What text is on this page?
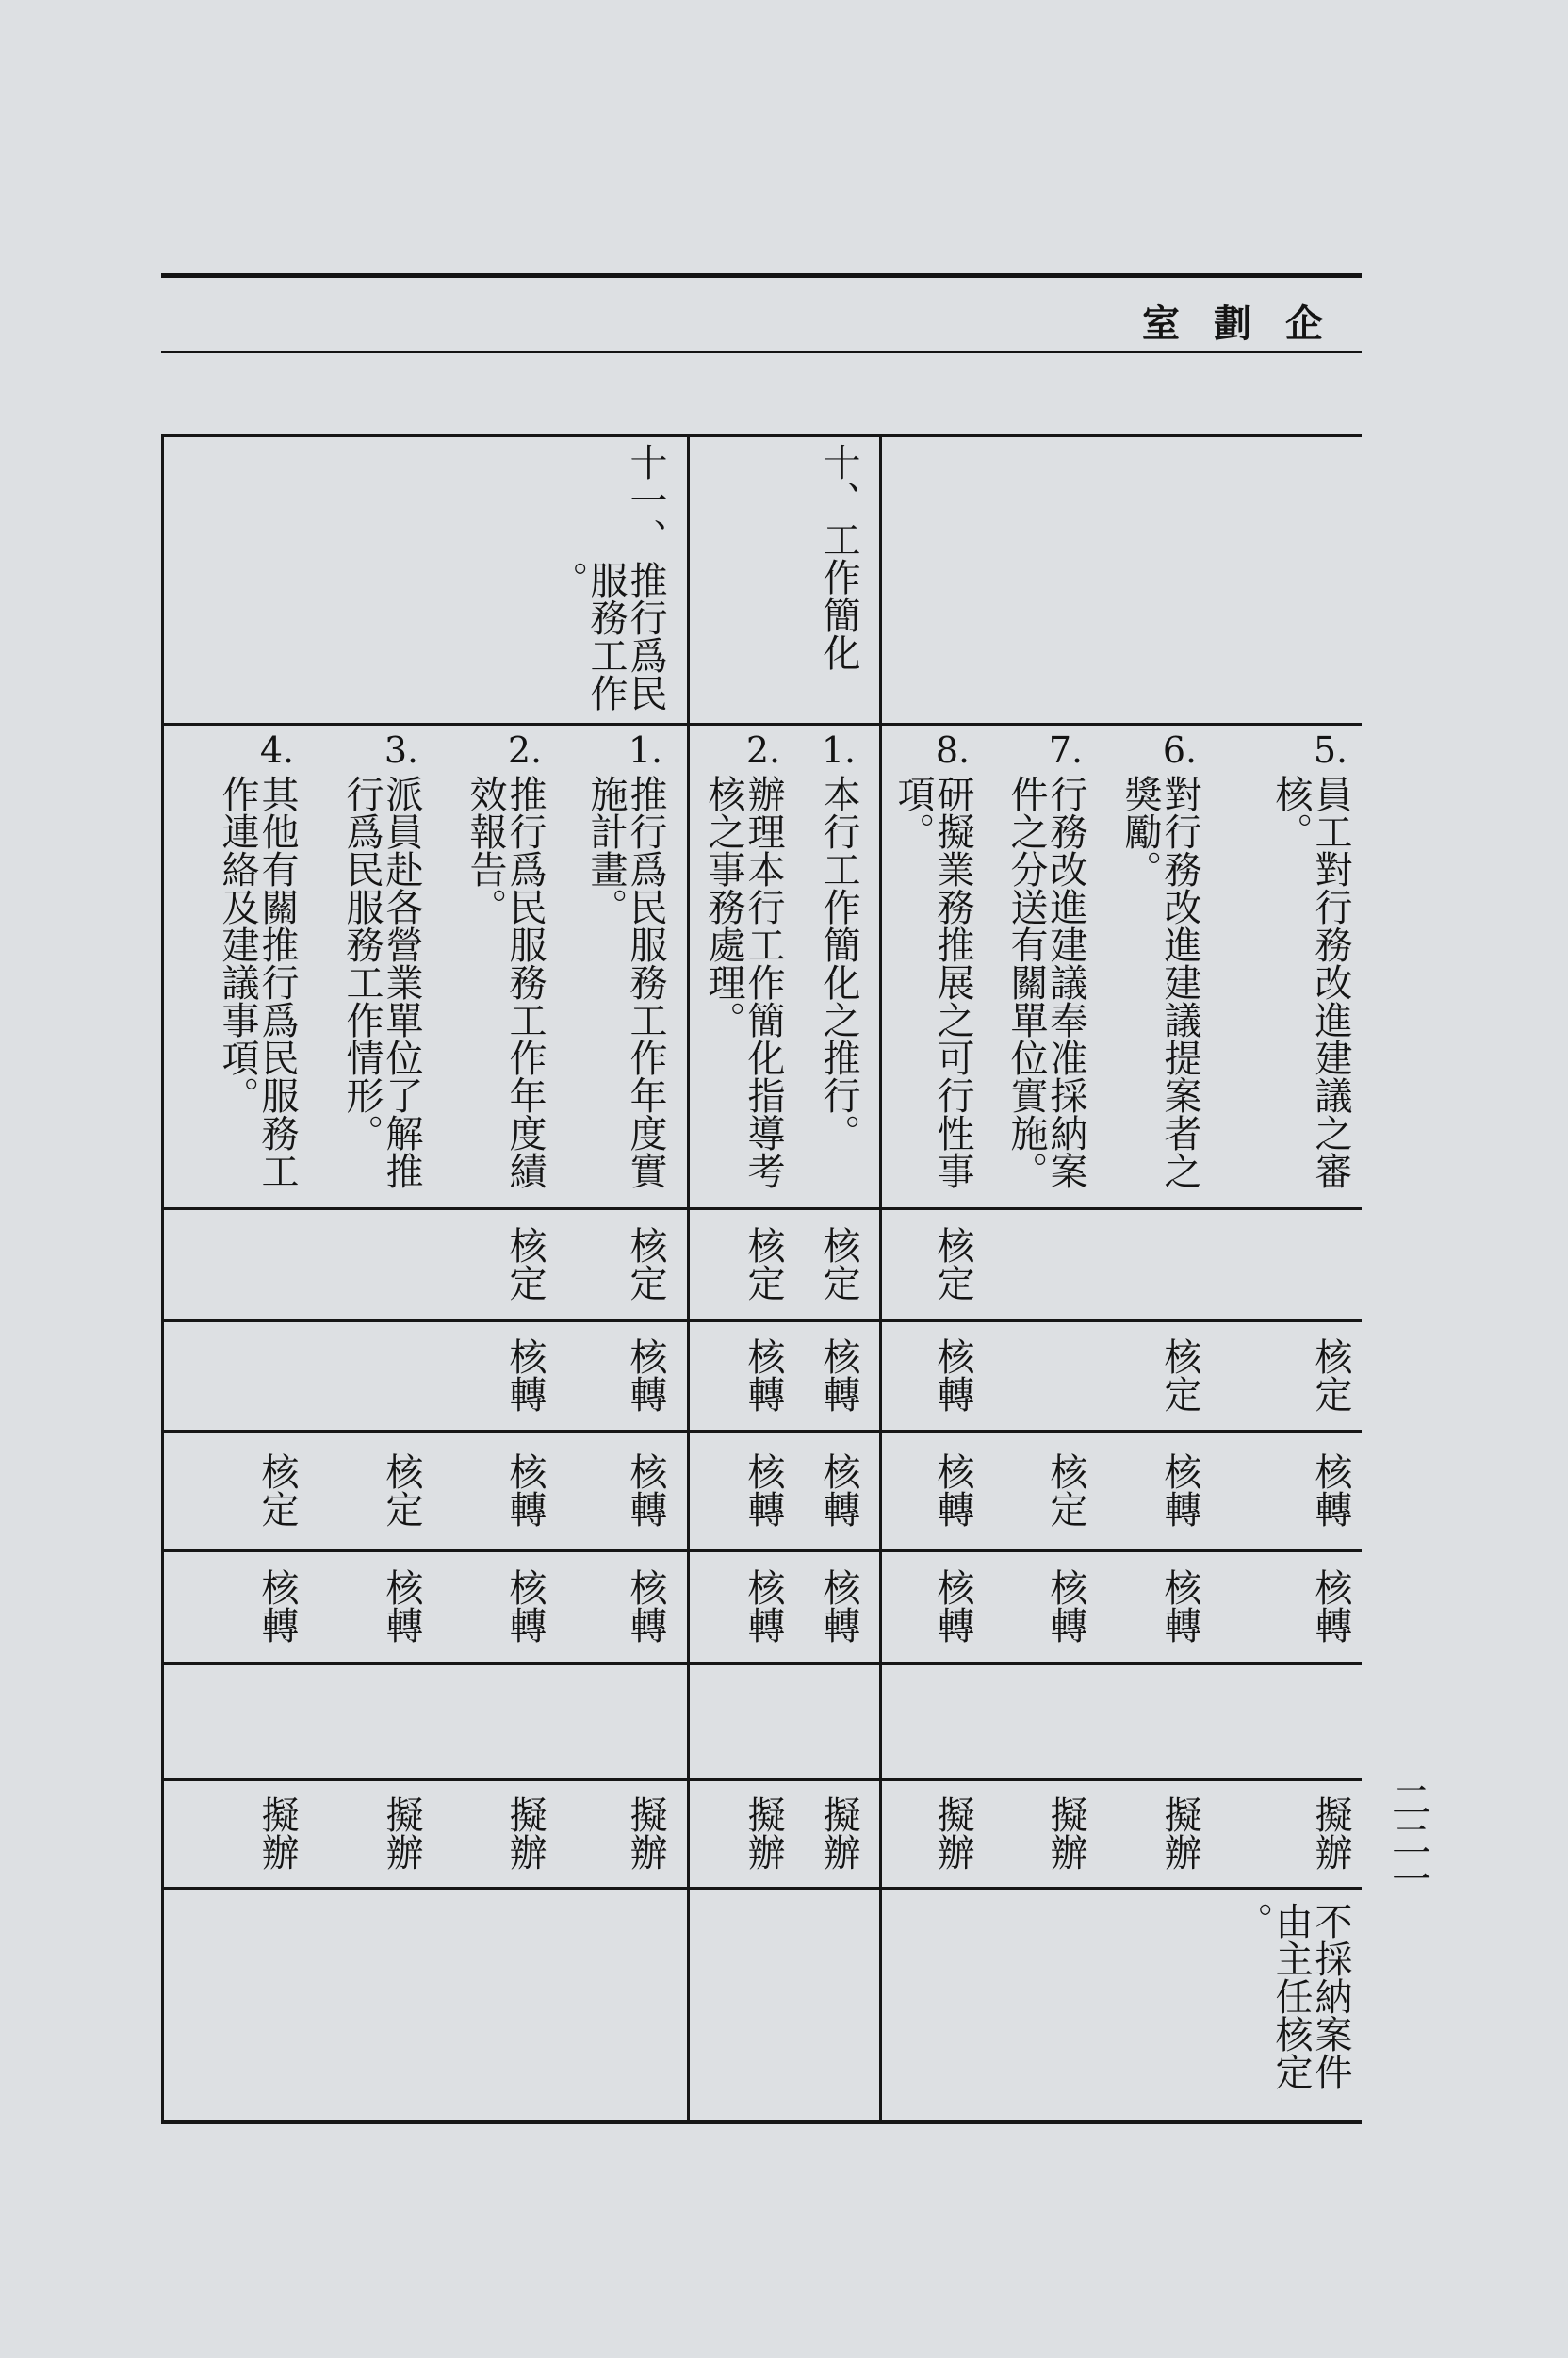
企劃室
5.
員工對行務改進建議之審核。
核定
核轉
核轉
擬辦
不採納案件由主任核定。
6.
對行務改進建議提案者之獎勵。
核定
核轉
核轉
擬辦
7.
行務改進建議奉准採納案件之分送有關單位實施。
核定
核轉
擬辦
8.
研擬業務推展之可行性事項。
核定
核轉
核轉
核轉
擬辦
1.
本行工作簡化之推行。
核定
核轉
核轉
核轉
擬辦
2.
辦理本行工作簡化指導考核之事務處理。
核定
核轉
核轉
核轉
擬辦
1.
推行爲民服務工作年度實施計畫。
核定
核轉
核轉
核轉
擬辦
2.
推行爲民服務工作年度績效報告。
核定
核轉
核轉
核轉
擬辦
3.
派員赴各營業單位了解推行爲民服務工作情形。
核定
核轉
擬辦
4.
其他有關推行爲民服務工作連絡及建議事項。
核定
核轉
擬辦
十、
工作簡化
十一、
推行爲民服務工作。
二二一
